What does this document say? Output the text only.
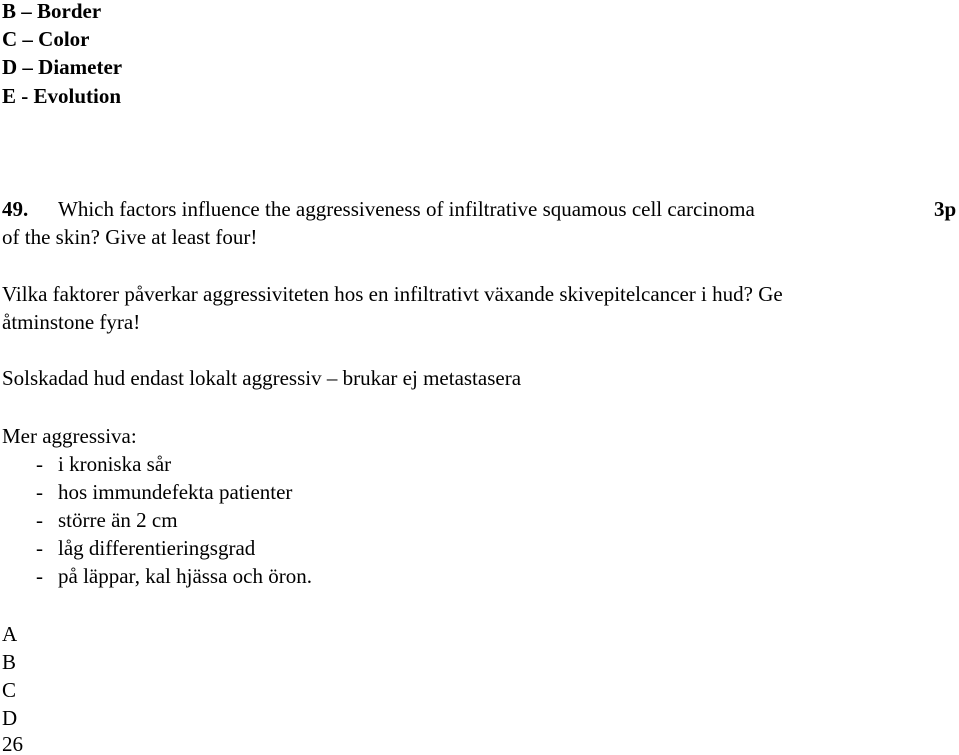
B – Border
C – Color
D – Diameter
E - Evolution
49. Which factors influence the aggressiveness of infiltrative squamous cell carcinoma	3p
of the skin? Give at least four!
Vilka faktorer påverkar aggressiviteten hos en infiltrativt växande skivepitelcancer i hud? Ge
åtminstone fyra!
Solskadad hud endast lokalt aggressiv – brukar ej metastasera
Mer aggressiva:
- i kroniska sår
- hos immundefekta patienter
- större än 2 cm
- låg differentieringsgrad
- på läppar, kal hjässa och öron.
A
B
C
D
26
